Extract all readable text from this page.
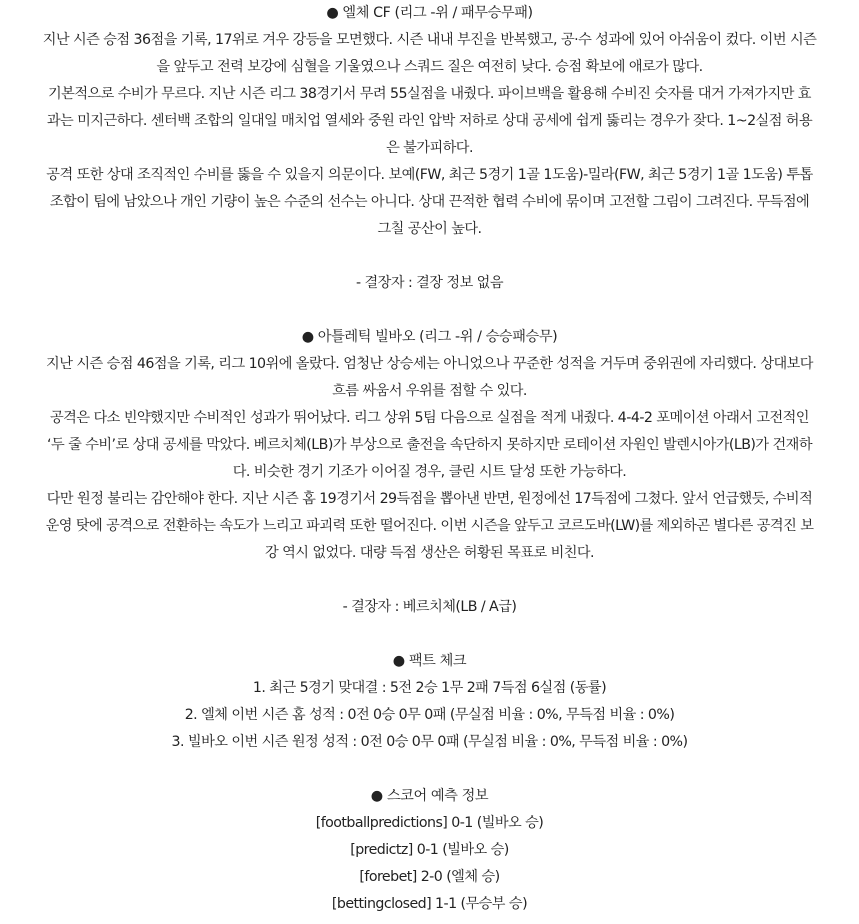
● 엘체 CF (리그 -위 / 패무승무패)
지난 시즌 승점 36점을 기록, 17위로 겨우 강등을 모면했다. 시즌 내내 부진을 반복했고, 공·수 성과에 있어 아쉬움이 컸다. 이번 시즌
을 앞두고 전력 보강에 심혈을 기울였으나 스쿼드 질은 여전히 낮다. 승점 확보에 애로가 많다.
기본적으로 수비가 무르다. 지난 시즌 리그 38경기서 무려 55실점을 내줬다. 파이브백을 활용해 수비진 숫자를 대거 가져가지만 효
과는 미지근하다. 센터백 조합의 일대일 매치업 열세와 중원 라인 압박 저하로 상대 공세에 쉽게 뚫리는 경우가 잦다. 1~2실점 허용
은 불가피하다.
공격 또한 상대 조직적인 수비를 뚫을 수 있을지 의문이다. 보예(FW, 최근 5경기 1골 1도움)-밀라(FW, 최근 5경기 1골 1도움) 투톱
조합이 팀에 남았으나 개인 기량이 높은 수준의 선수는 아니다. 상대 끈적한 협력 수비에 묶이며 고전할 그림이 그려진다. 무득점에
그칠 공산이 높다.
- 결장자 : 결장 정보 없음
● 아틀레틱 빌바오 (리그 -위 / 승승패승무)
지난 시즌 승점 46점을 기록, 리그 10위에 올랐다. 엄청난 상승세는 아니었으나 꾸준한 성적을 거두며 중위권에 자리했다. 상대보다
흐름 싸움서 우위를 점할 수 있다.
공격은 다소 빈약했지만 수비적인 성과가 뛰어났다. 리그 상위 5팀 다음으로 실점을 적게 내줬다. 4-4-2 포메이션 아래서 고전적인
‘두 줄 수비’로 상대 공세를 막았다. 베르치체(LB)가 부상으로 출전을 속단하지 못하지만 로테이션 자원인 발렌시아가(LB)가 건재하
다. 비슷한 경기 기조가 이어질 경우, 클린 시트 달성 또한 가능하다.
다만 원정 불리는 감안해야 한다. 지난 시즌 홈 19경기서 29득점을 뽑아낸 반면, 원정에선 17득점에 그쳤다. 앞서 언급했듯, 수비적
운영 탓에 공격으로 전환하는 속도가 느리고 파괴력 또한 떨어진다. 이번 시즌을 앞두고 코르도바(LW)를 제외하곤 별다른 공격진 보
강 역시 없었다. 대량 득점 생산은 허황된 목표로 비친다.
- 결장자 : 베르치체(LB / A급)
● 팩트 체크
1. 최근 5경기 맞대결 : 5전 2승 1무 2패 7득점 6실점 (동률)
2. 엘체 이번 시즌 홈 성적 : 0전 0승 0무 0패 (무실점 비율 : 0%, 무득점 비율 : 0%)
3. 빌바오 이번 시즌 원정 성적 : 0전 0승 0무 0패 (무실점 비율 : 0%, 무득점 비율 : 0%)
● 스코어 예측 정보
[footballpredictions] 0-1 (빌바오 승)
[predictz] 0-1 (빌바오 승)
[forebet] 2-0 (엘체 승)
[bettingclosed] 1-1 (무승부 승)
